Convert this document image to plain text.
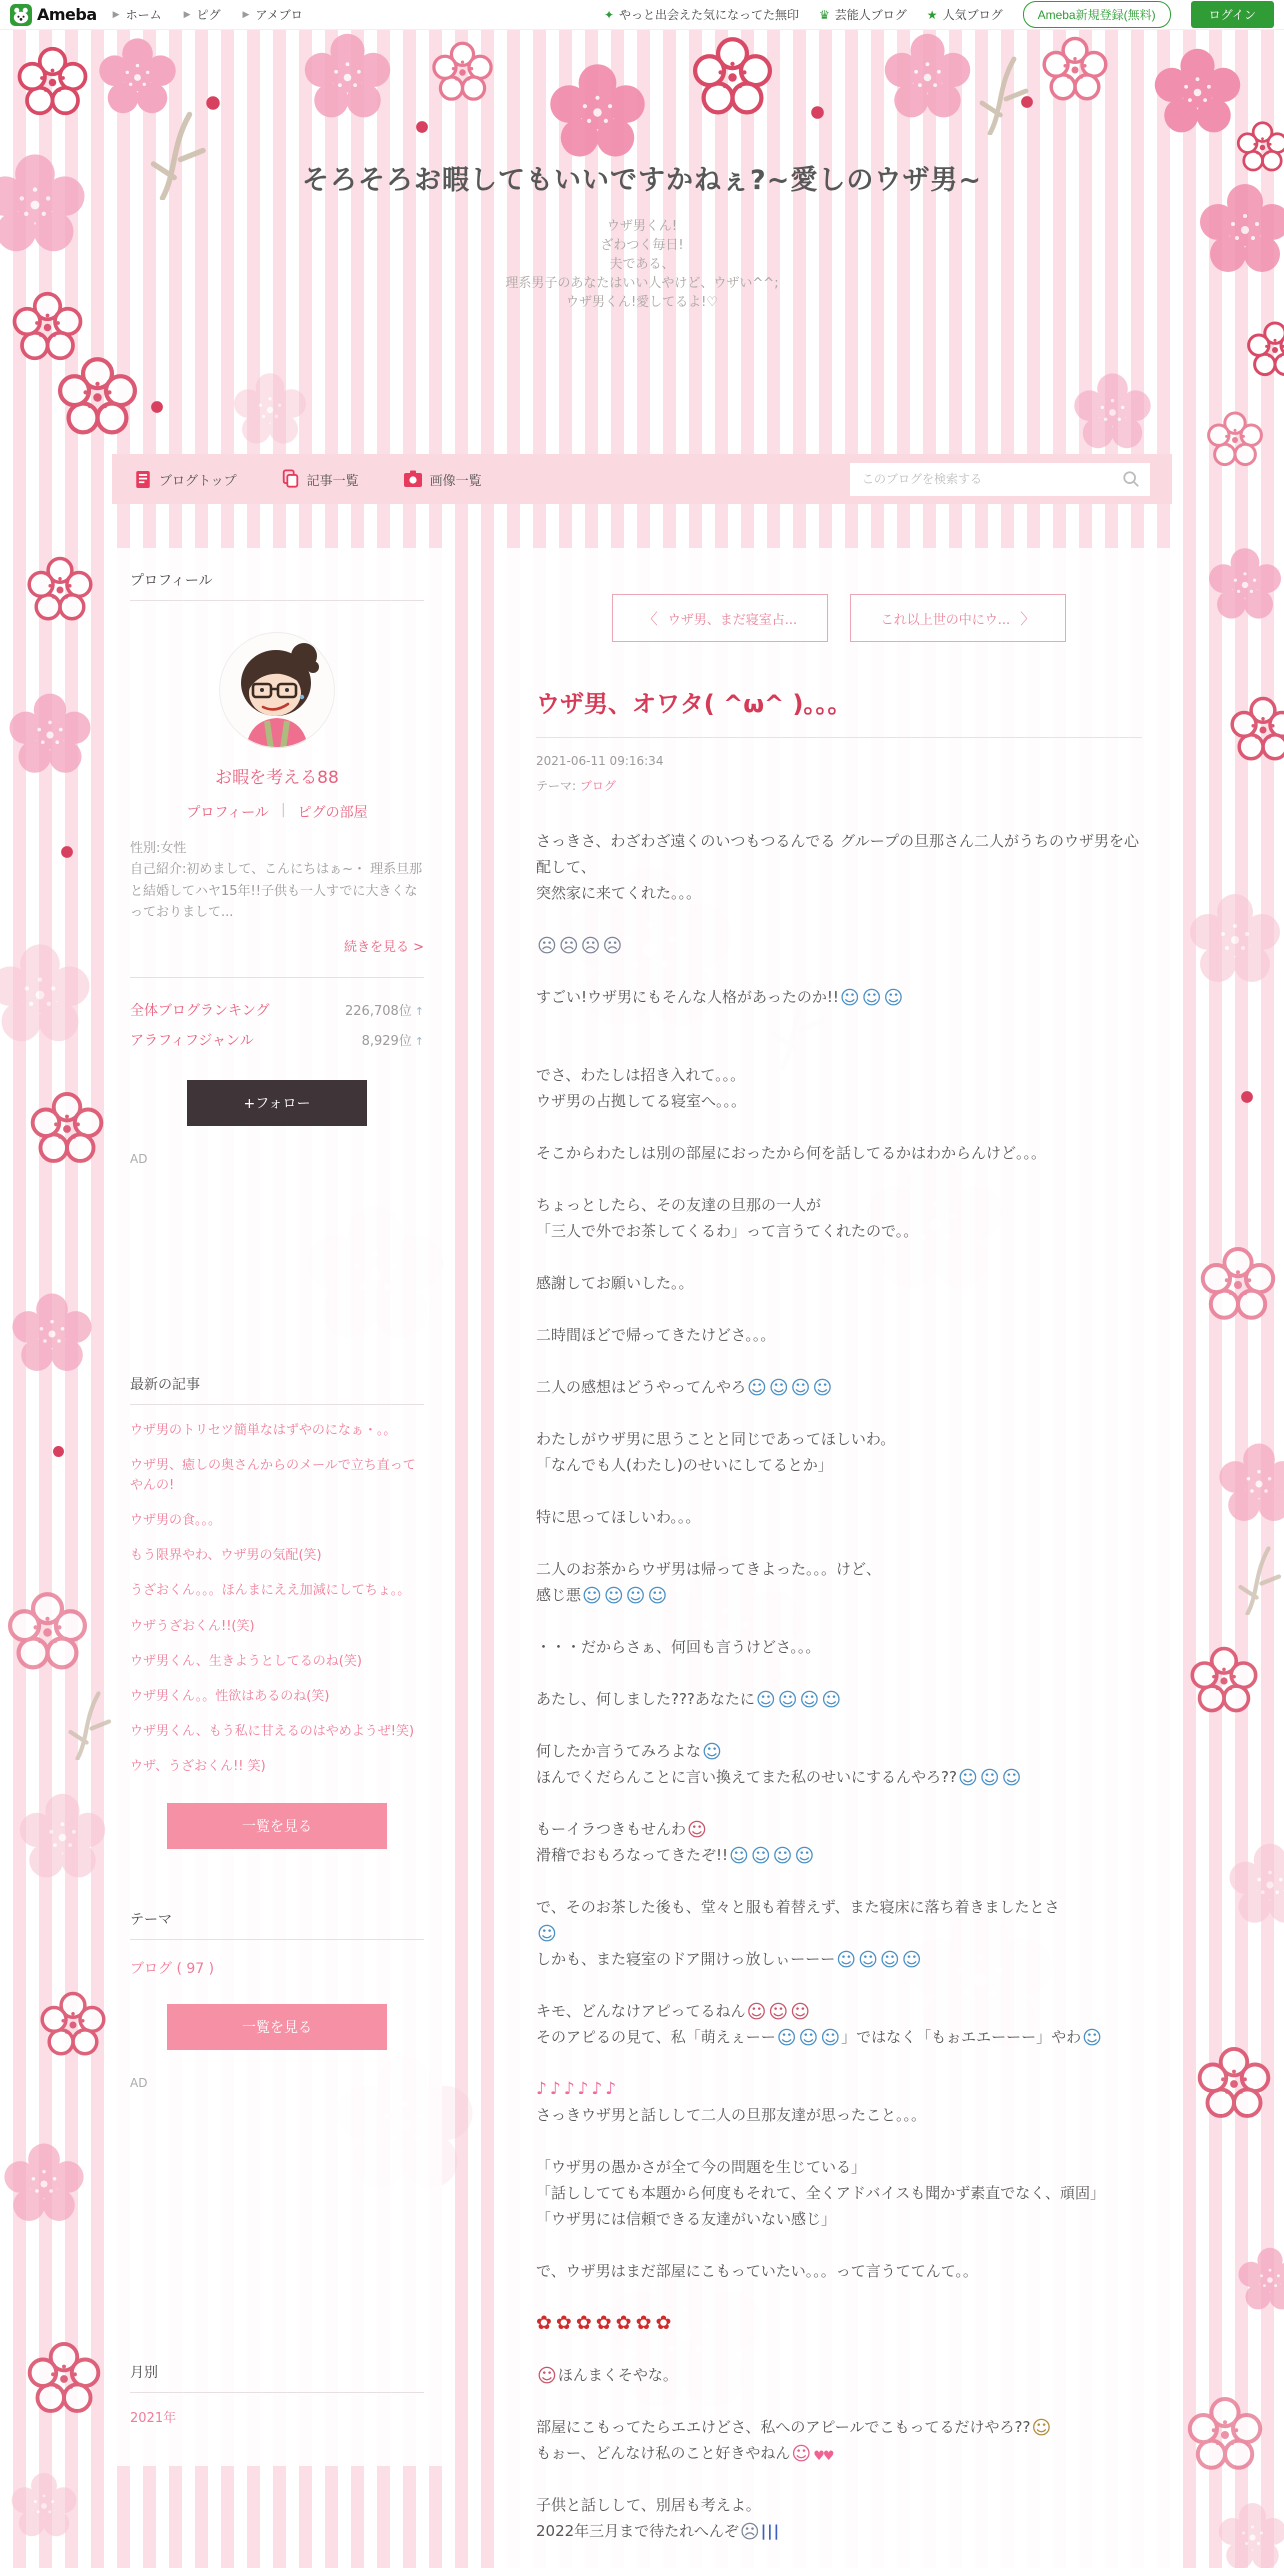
Ameba ▶ ホーム ▶ ピグ ▶ アメブロ	✦ やっと出会えた気になってた無印 ♛ 芸能人ブログ ★ 人気ブログ	Ameba新規登録(無料)	ログイン
そろそろお暇してもいいですかねぇ?~愛しのウザ男~
ウザ男くん!
ざわつく毎日!
夫である、
理系男子のあなたはいい人やけど、ウザい^^;
ウザ男くん!愛してるよ!♡
ブログトップ	記事一覧	画像一覧
このブログを検索する
プロフィール
お暇を考える88
プロフィール | ピグの部屋
性別:女性
自己紹介:初めまして、こんにちはぁ~・ 理系旦那と結婚してハヤ15年!!子供も一人すでに大きくなっておりまして...
続きを見る >
全体ブログランキング	226,708位 ↑
アラフィフジャンル	8,929位 ↑
+フォロー
AD
最新の記事
ウザ男のトリセツ簡単なはずやのになぁ・。。
ウザ男、癒しの奥さんからのメールで立ち直ってやんの!
ウザ男の食。。。
もう限界やわ、ウザ男の気配(笑)
うざおくん。。。ほんまにええ加減にしてちょ。。
ウザうざおくん!!(笑)
ウザ男くん、生きようとしてるのね(笑)
ウザ男くん。。性欲はあるのね(笑)
ウザ男くん、もう私に甘えるのはやめようぜ!笑)
ウザ、うざおくん!! 笑)
一覧を見る
テーマ
ブログ ( 97 )
一覧を見る
AD
月別
2021年
〈 ウザ男、まだ寝室占...	これ以上世の中にウ... 〉
ウザ男、オワタ( ^ω^ )。。。
2021-06-11 09:16:34
テーマ: ブログ

さっきさ、わざわざ遠くのいつもつるんでる グループの旦那さん二人がうちのウザ男を心配して、

突然家に来てくれた。。。

☹ ☹ ☹ ☹

すごい!ウザ男にもそんな人格があったのか!!☺ ☺ ☺

でさ、わたしは招き入れて。。。

ウザ男の占拠してる寝室へ。。。

そこからわたしは別の部屋におったから何を話してるかはわからんけど。。。

ちょっとしたら、その友達の旦那の一人が

「三人で外でお茶してくるわ」って言うてくれたので。。

感謝してお願いした。。

二時間ほどで帰ってきたけどさ。。。

二人の感想はどうやってんやろ☺ ☺ ☺ ☺

わたしがウザ男に思うことと同じであってほしいわ。

「なんでも人(わたし)のせいにしてるとか」

特に思ってほしいわ。。。

二人のお茶からウザ男は帰ってきよった。。。けど、

感じ悪☺ ☺ ☺ ☺

・・・だからさぁ、何回も言うけどさ。。。

あたし、何しました???あなたに☺ ☺ ☺ ☺

何したか言うてみろよな☺

ほんでくだらんことに言い換えてまた私のせいにするんやろ??☺ ☺ ☺

もーイラつきもせんわ☺

滑稽でおもろなってきたぞ!!☺ ☺ ☺ ☺

で、そのお茶した後も、堂々と服も着替えず、また寝床に落ち着きましたとさ

☺

しかも、また寝室のドア開けっ放しぃーーー☺ ☺ ☺ ☺

キモ、どんなけアピってるねん☺ ☺ ☺

そのアピるの見て、私「萌えぇーー☺ ☺ ☺」ではなく「もぉエエーーー」やわ☺

♪♪♪♪♪♪

さっきウザ男と話しして二人の旦那友達が思ったこと。。。

「ウザ男の愚かさが全て今の問題を生じている」

「話ししてても本題から何度もそれて、全くアドバイスも聞かず素直でなく、頑固」

「ウザ男には信頼できる友達がいない感じ」

で、ウザ男はまだ部屋にこもっていたい。。。って言うててんて。。

✿✿✿✿✿✿✿

☺ほんまくそやな。

部屋にこもってたらエエけどさ、私へのアピールでこもってるだけやろ??☺

もぉー、どんなけ私のこと好きやねん☺ ♥♥

子供と話しして、別居も考えよ。

2022年三月まで待たれへんぞ☹|||
